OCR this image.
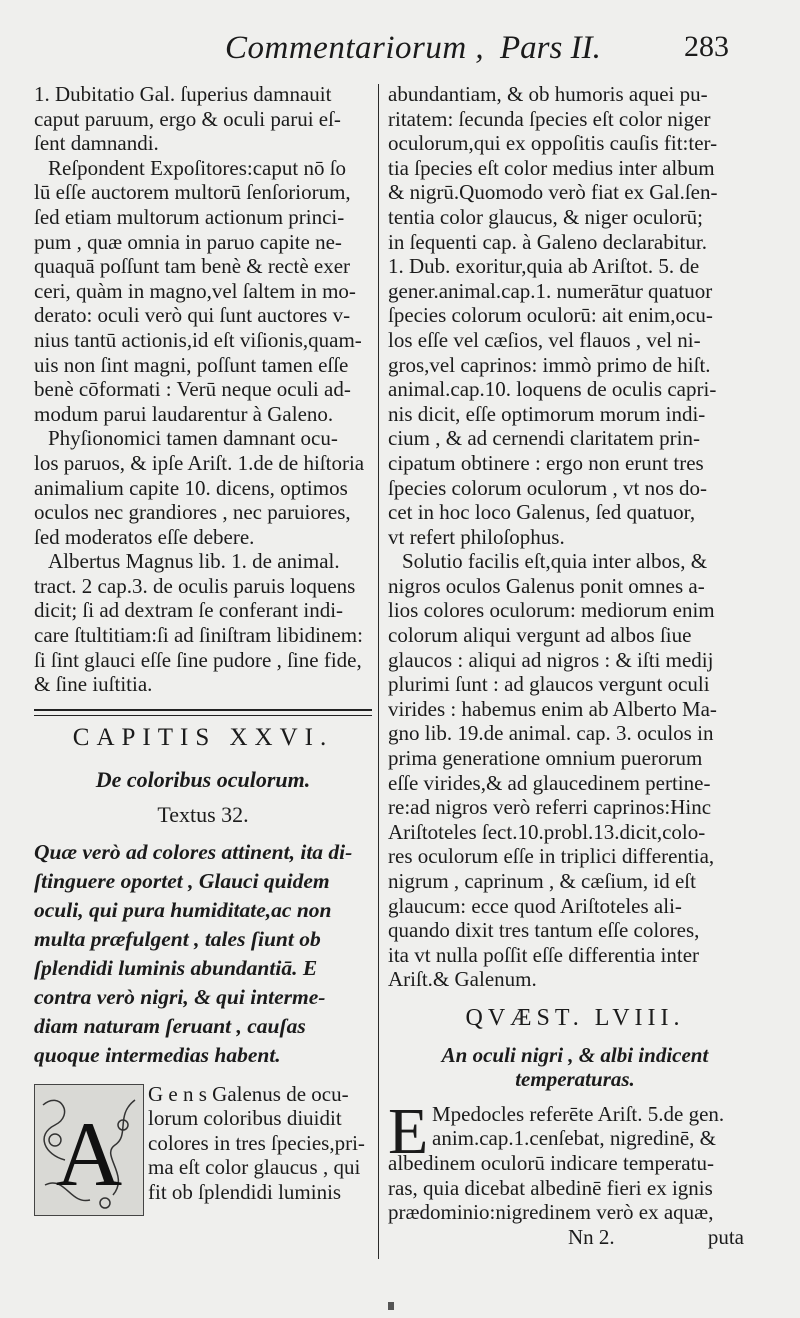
Commentariorum , Pars II.	283
1. Dubitatio Gal. ſuperius damnauit
caput paruum, ergo & oculi parui eſ-
ſent damnandi.
Reſpondent Expoſitores:caput nō ſo
lū eſſe auctorem multorū ſenſoriorum,
ſed etiam multorum actionum princi-
pum , quæ omnia in paruo capite ne-
quaquā poſſunt tam benè & rectè exer
ceri, quàm in magno,vel ſaltem in mo-
derato: oculi verò qui ſunt auctores v-
nius tantū actionis,id eſt viſionis,quam-
uis non ſint magni, poſſunt tamen eſſe
benè cōformati : Verū neque oculi ad-
modum parui laudarentur à Galeno.
Phyſionomici tamen damnant ocu-
los paruos, & ipſe Ariſt. 1.de de hiſtoria
animalium capite 10. dicens, optimos
oculos nec grandiores , nec paruiores,
ſed moderatos eſſe debere.
Albertus Magnus lib. 1. de animal.
tract. 2 cap.3. de oculis paruis loquens
dicit; ſi ad dextram ſe conferant indi-
care ſtultitiam:ſi ad ſiniſtram libidinem:
ſi ſint glauci eſſe ſine pudore , ſine fide,
& ſine iuſtitia.
CAPITIS XXVI.
De coloribus oculorum.
Textus 32.
Quæ verò ad colores attinent, ita di-
ſtinguere oportet , Glauci quidem
oculi, qui pura humiditate,ac non
multa præfulgent , tales ſiunt ob
ſplendidi luminis abundantiā. E
contra verò nigri, & qui interme-
diam naturam ſeruant , cauſas
quoque intermedias habent.
A
G e n s Galenus de ocu-
lorum coloribus diuidit
colores in tres ſpecies,pri-
ma eſt color glaucus , qui
fit ob ſplendidi luminis
abundantiam, & ob humoris aquei pu-
ritatem: ſecunda ſpecies eſt color niger
oculorum,qui ex oppoſitis cauſis fit:ter-
tia ſpecies eſt color medius inter album
& nigrū.Quomodo verò fiat ex Gal.ſen-
tentia color glaucus, & niger oculorū;
in ſequenti cap. à Galeno declarabitur.
1. Dub. exoritur,quia ab Ariſtot. 5. de
gener.animal.cap.1. numerātur quatuor
ſpecies colorum oculorū: ait enim,ocu-
los eſſe vel cæſios, vel flauos , vel ni-
gros,vel caprinos: immò primo de hiſt.
animal.cap.10. loquens de oculis capri-
nis dicit, eſſe optimorum morum indi-
cium , & ad cernendi claritatem prin-
cipatum obtinere : ergo non erunt tres
ſpecies colorum oculorum , vt nos do-
cet in hoc loco Galenus, ſed quatuor,
vt refert philoſophus.
Solutio facilis eſt,quia inter albos, &
nigros oculos Galenus ponit omnes a-
lios colores oculorum: mediorum enim
colorum aliqui vergunt ad albos ſiue
glaucos : aliqui ad nigros : & iſti medij
plurimi ſunt : ad glaucos vergunt oculi
virides : habemus enim ab Alberto Ma-
gno lib. 19.de animal. cap. 3. oculos in
prima generatione omnium puerorum
eſſe virides,& ad glaucedinem pertine-
re:ad nigros verò referri caprinos:Hinc
Ariſtoteles ſect.10.probl.13.dicit,colo-
res oculorum eſſe in triplici differentia,
nigrum , caprinum , & cæſium, id eſt
glaucum: ecce quod Ariſtoteles ali-
quando dixit tres tantum eſſe colores,
ita vt nulla poſſit eſſe differentia inter
Ariſt.& Galenum.
QVÆST. LVIII.
An oculi nigri , & albi indicent
temperaturas.
E Mpedocles referēte Ariſt. 5.de gen.
anim.cap.1.cenſebat, nigredinē, &
albedinem oculorū indicare temperatu-
ras, quia dicebat albedinē fieri ex ignis
prædominio:nigredinem verò ex aquæ,
Nn 2.	puta
